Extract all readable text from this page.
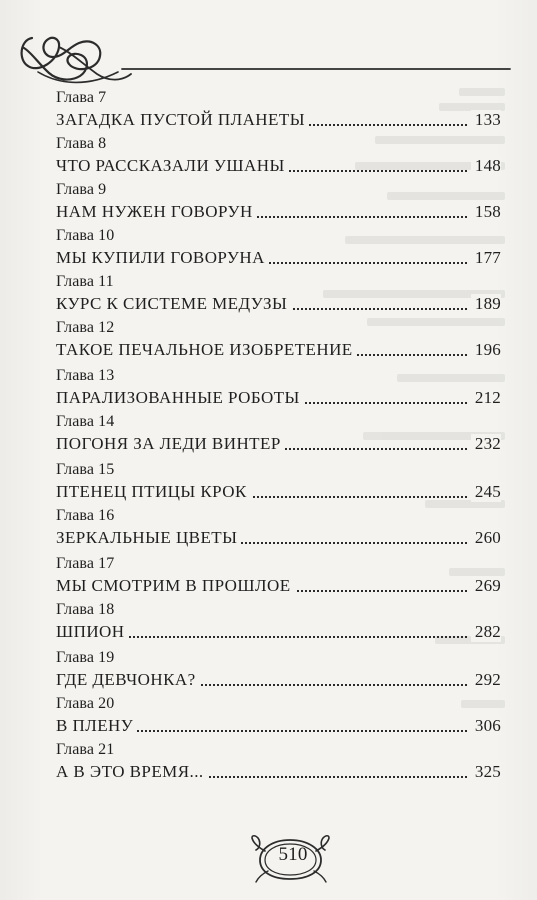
Глава 7
ЗАГАДКА ПУСТОЙ ПЛАНЕТЫ	133
Глава 8
ЧТО РАССКАЗАЛИ УШАНЫ	148
Глава 9
НАМ НУЖЕН ГОВОРУН	158
Глава 10
МЫ КУПИЛИ ГОВОРУНА	177
Глава 11
КУРС К СИСТЕМЕ МЕДУЗЫ	189
Глава 12
ТАКОЕ ПЕЧАЛЬНОЕ ИЗОБРЕТЕНИЕ	196
Глава 13
ПАРАЛИЗОВАННЫЕ РОБОТЫ	212
Глава 14
ПОГОНЯ ЗА ЛЕДИ ВИНТЕР	232
Глава 15
ПТЕНЕЦ ПТИЦЫ КРОК	245
Глава 16
ЗЕРКАЛЬНЫЕ ЦВЕТЫ	260
Глава 17
МЫ СМОТРИМ В ПРОШЛОЕ	269
Глава 18
ШПИОН	282
Глава 19
ГДЕ ДЕВЧОНКА?	292
Глава 20
В ПЛЕНУ	306
Глава 21
А В ЭТО ВРЕМЯ...	325
510
